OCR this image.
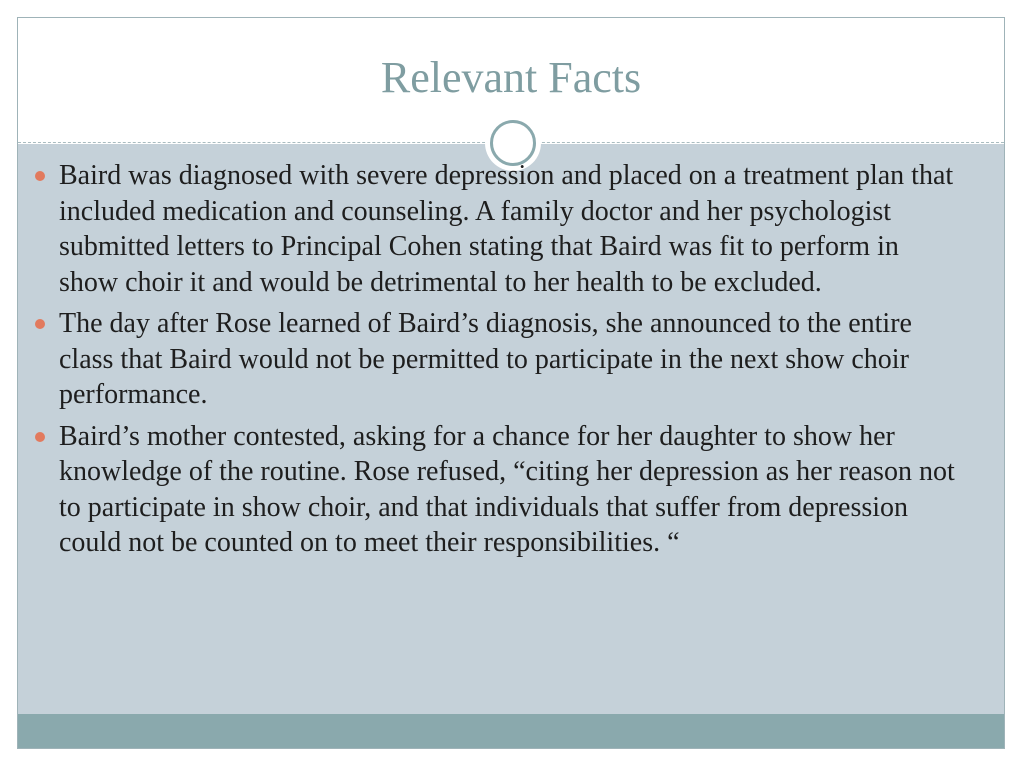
Relevant Facts
Baird was diagnosed with severe depression and placed on a treatment plan that included medication and counseling. A family doctor and her psychologist submitted letters to Principal Cohen stating that Baird was fit to perform in show choir it and would be detrimental to her health to be excluded.
The day after Rose learned of Baird’s diagnosis, she announced to the entire class that Baird would not be permitted to participate in the next show choir performance.
Baird’s mother contested, asking for a chance for her daughter to show her knowledge of the routine. Rose refused, “citing her depression as her reason not to participate in show choir, and that individuals that suffer from depression could not be counted on to meet their responsibilities. “
